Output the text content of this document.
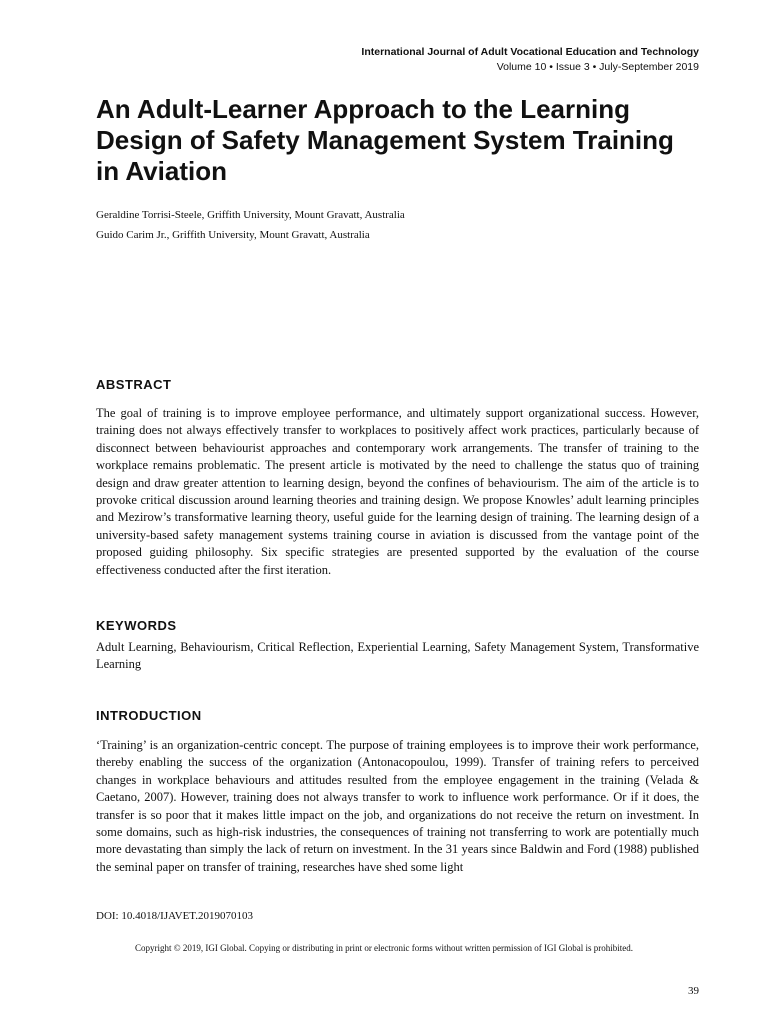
International Journal of Adult Vocational Education and Technology
Volume 10 • Issue 3 • July-September 2019
An Adult-Learner Approach to the Learning Design of Safety Management System Training in Aviation
Geraldine Torrisi-Steele, Griffith University, Mount Gravatt, Australia
Guido Carim Jr., Griffith University, Mount Gravatt, Australia
ABSTRACT

The goal of training is to improve employee performance, and ultimately support organizational success. However, training does not always effectively transfer to workplaces to positively affect work practices, particularly because of disconnect between behaviourist approaches and contemporary work arrangements. The transfer of training to the workplace remains problematic. The present article is motivated by the need to challenge the status quo of training design and draw greater attention to learning design, beyond the confines of behaviourism. The aim of the article is to provoke critical discussion around learning theories and training design. We propose Knowles’ adult learning principles and Mezirow’s transformative learning theory, useful guide for the learning design of training. The learning design of a university-based safety management systems training course in aviation is discussed from the vantage point of the proposed guiding philosophy. Six specific strategies are presented supported by the evaluation of the course effectiveness conducted after the first iteration.

KEYWORDS

Adult Learning, Behaviourism, Critical Reflection, Experiential Learning, Safety Management System, Transformative Learning

INTRODUCTION

‘Training’ is an organization-centric concept. The purpose of training employees is to improve their work performance, thereby enabling the success of the organization (Antonacopoulou, 1999). Transfer of training refers to perceived changes in workplace behaviours and attitudes resulted from the employee engagement in the training (Velada & Caetano, 2007). However, training does not always transfer to work to influence work performance. Or if it does, the transfer is so poor that it makes little impact on the job, and organizations do not receive the return on investment. In some domains, such as high-risk industries, the consequences of training not transferring to work are potentially much more devastating than simply the lack of return on investment. In the 31 years since Baldwin and Ford (1988) published the seminal paper on transfer of training, researches have shed some light

DOI: 10.4018/IJAVET.2019070103
Copyright © 2019, IGI Global. Copying or distributing in print or electronic forms without written permission of IGI Global is prohibited.
39
